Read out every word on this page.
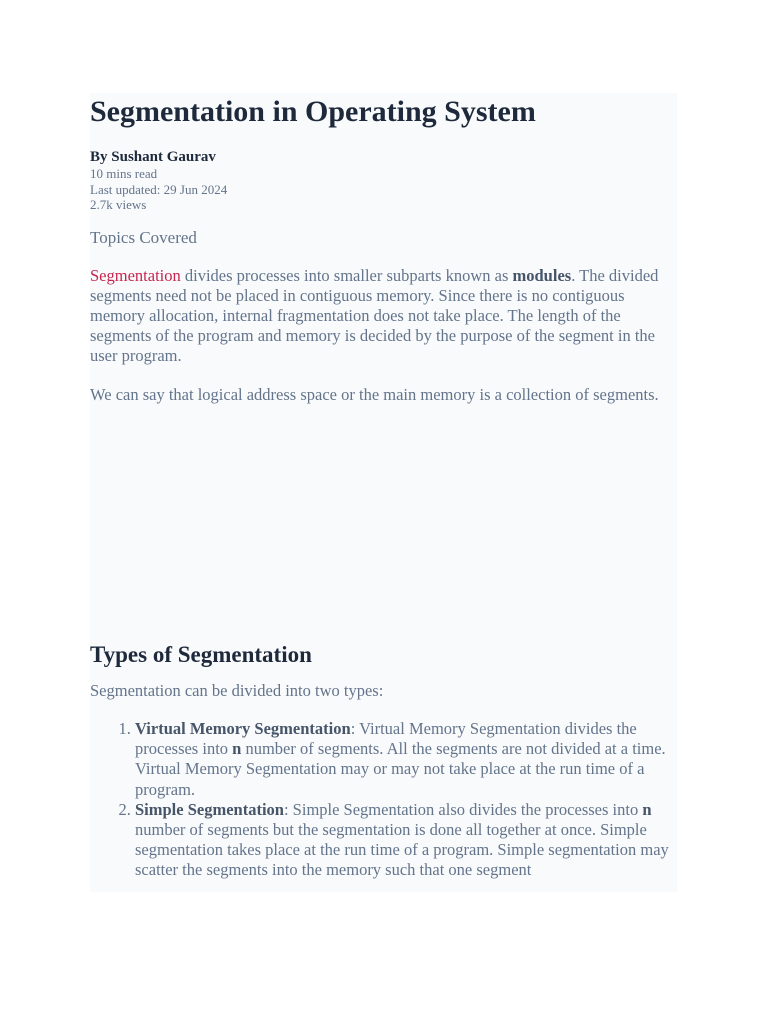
Segmentation in Operating System
By Sushant Gaurav
10 mins read
Last updated: 29 Jun 2024
2.7k views
Topics Covered

Segmentation divides processes into smaller subparts known as modules. The divided segments need not be placed in contiguous memory. Since there is no contiguous memory allocation, internal fragmentation does not take place. The length of the segments of the program and memory is decided by the purpose of the segment in the user program.

We can say that logical address space or the main memory is a collection of segments.

Types of Segmentation

Segmentation can be divided into two types:

1. Virtual Memory Segmentation: Virtual Memory Segmentation divides the processes into n number of segments. All the segments are not divided at a time. Virtual Memory Segmentation may or may not take place at the run time of a program.
2. Simple Segmentation: Simple Segmentation also divides the processes into n number of segments but the segmentation is done all together at once. Simple segmentation takes place at the run time of a program. Simple segmentation may scatter the segments into the memory such that one segment
